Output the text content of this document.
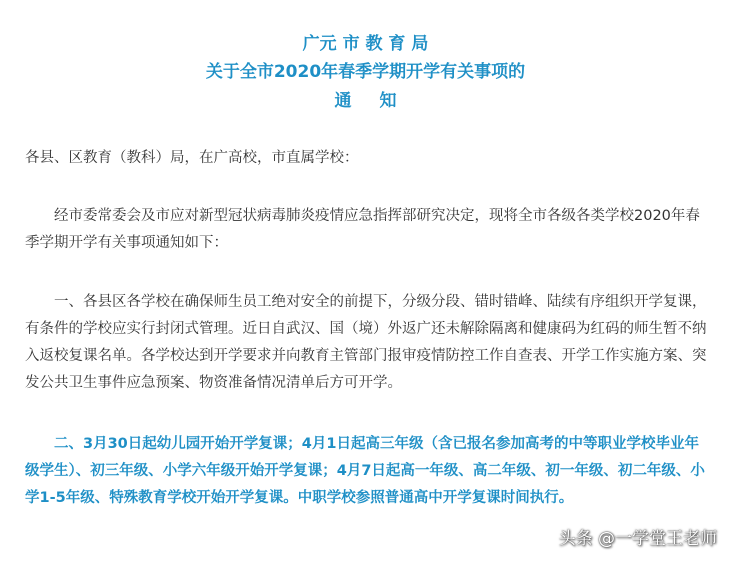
广元 市 教 育 局
关于全市2020年春季学期开学有关事项的
通知

各县、区教育（教科）局，在广高校，市直属学校：

经市委常委会及市应对新型冠状病毒肺炎疫情应急指挥部研究决定，现将全市各级各类学校2020年春季学期开学有关事项通知如下：

一、各县区各学校在确保师生员工绝对安全的前提下，分级分段、错时错峰、陆续有序组织开学复课，有条件的学校应实行封闭式管理。近日自武汉、国（境）外返广还未解除隔离和健康码为红码的师生暂不纳入返校复课名单。各学校达到开学要求并向教育主管部门报审疫情防控工作自查表、开学工作实施方案、突发公共卫生事件应急预案、物资准备情况清单后方可开学。

二、3月30日起幼儿园开始开学复课；4月1日起高三年级（含已报名参加高考的中等职业学校毕业年级学生）、初三年级、小学六年级开始开学复课；4月7日起高一年级、高二年级、初一年级、初二年级、小学1-5年级、特殊教育学校开始开学复课。中职学校参照普通高中开学复课时间执行。

头条 @一学堂王老师
